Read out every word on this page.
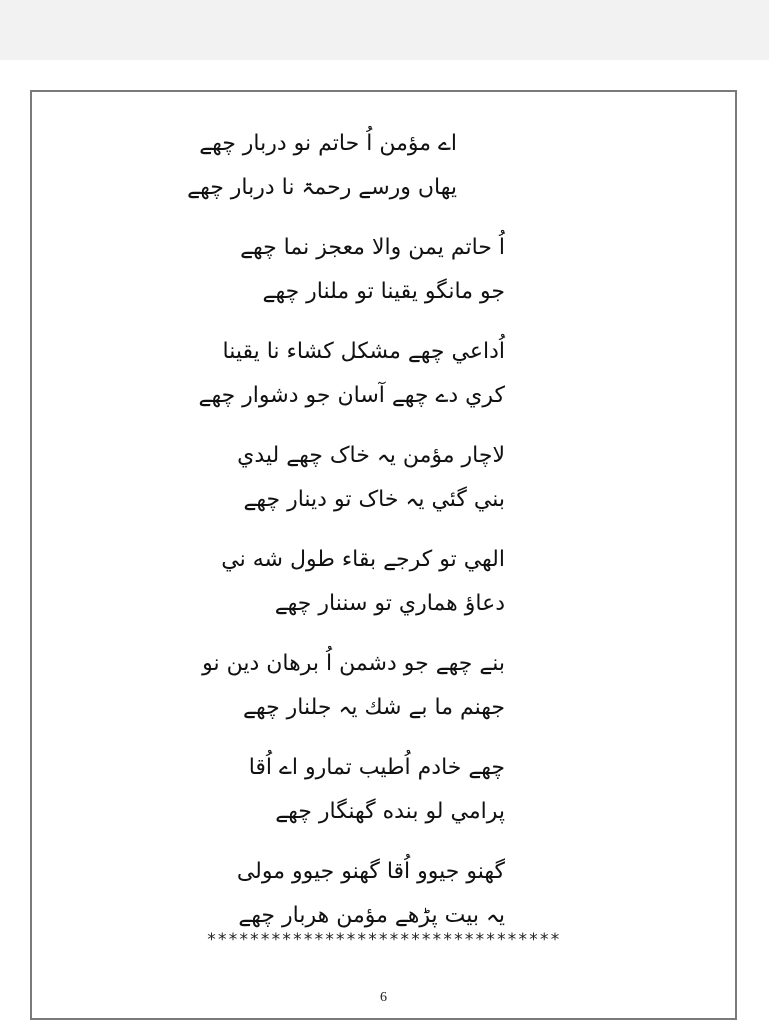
اے مؤمن اُ حاتم نو دربار چھے
یھاں ورسے رحمۃ نا دربار چھے
اُ حاتم یمن والا معجز نما چھے
جو مانگو یقینا تو ملنار چھے
اُداعي چھے مشکل کشاء نا یقینا
کري دے چھے آسان جو دشوار چھے
لاچار مؤمن یہ خاک چھے لیدي
بني گئي یہ خاک تو دینار چھے
الهي تو کرجے بقاء طول شه ني
دعاؤ هماري تو سننار چھے
بنے چھے جو دشمن اُ برهان دین نو
جهنم ما بے شك یہ جلنار چھے
چھے خادم اُطیب تمارو اے اُقا
پرامي لو بنده گھنگار چھے
گھنو جیوو اُقا گھنو جیوو مولی
یہ بیت پڑھے مؤمن هربار چھے
*********************************
6
